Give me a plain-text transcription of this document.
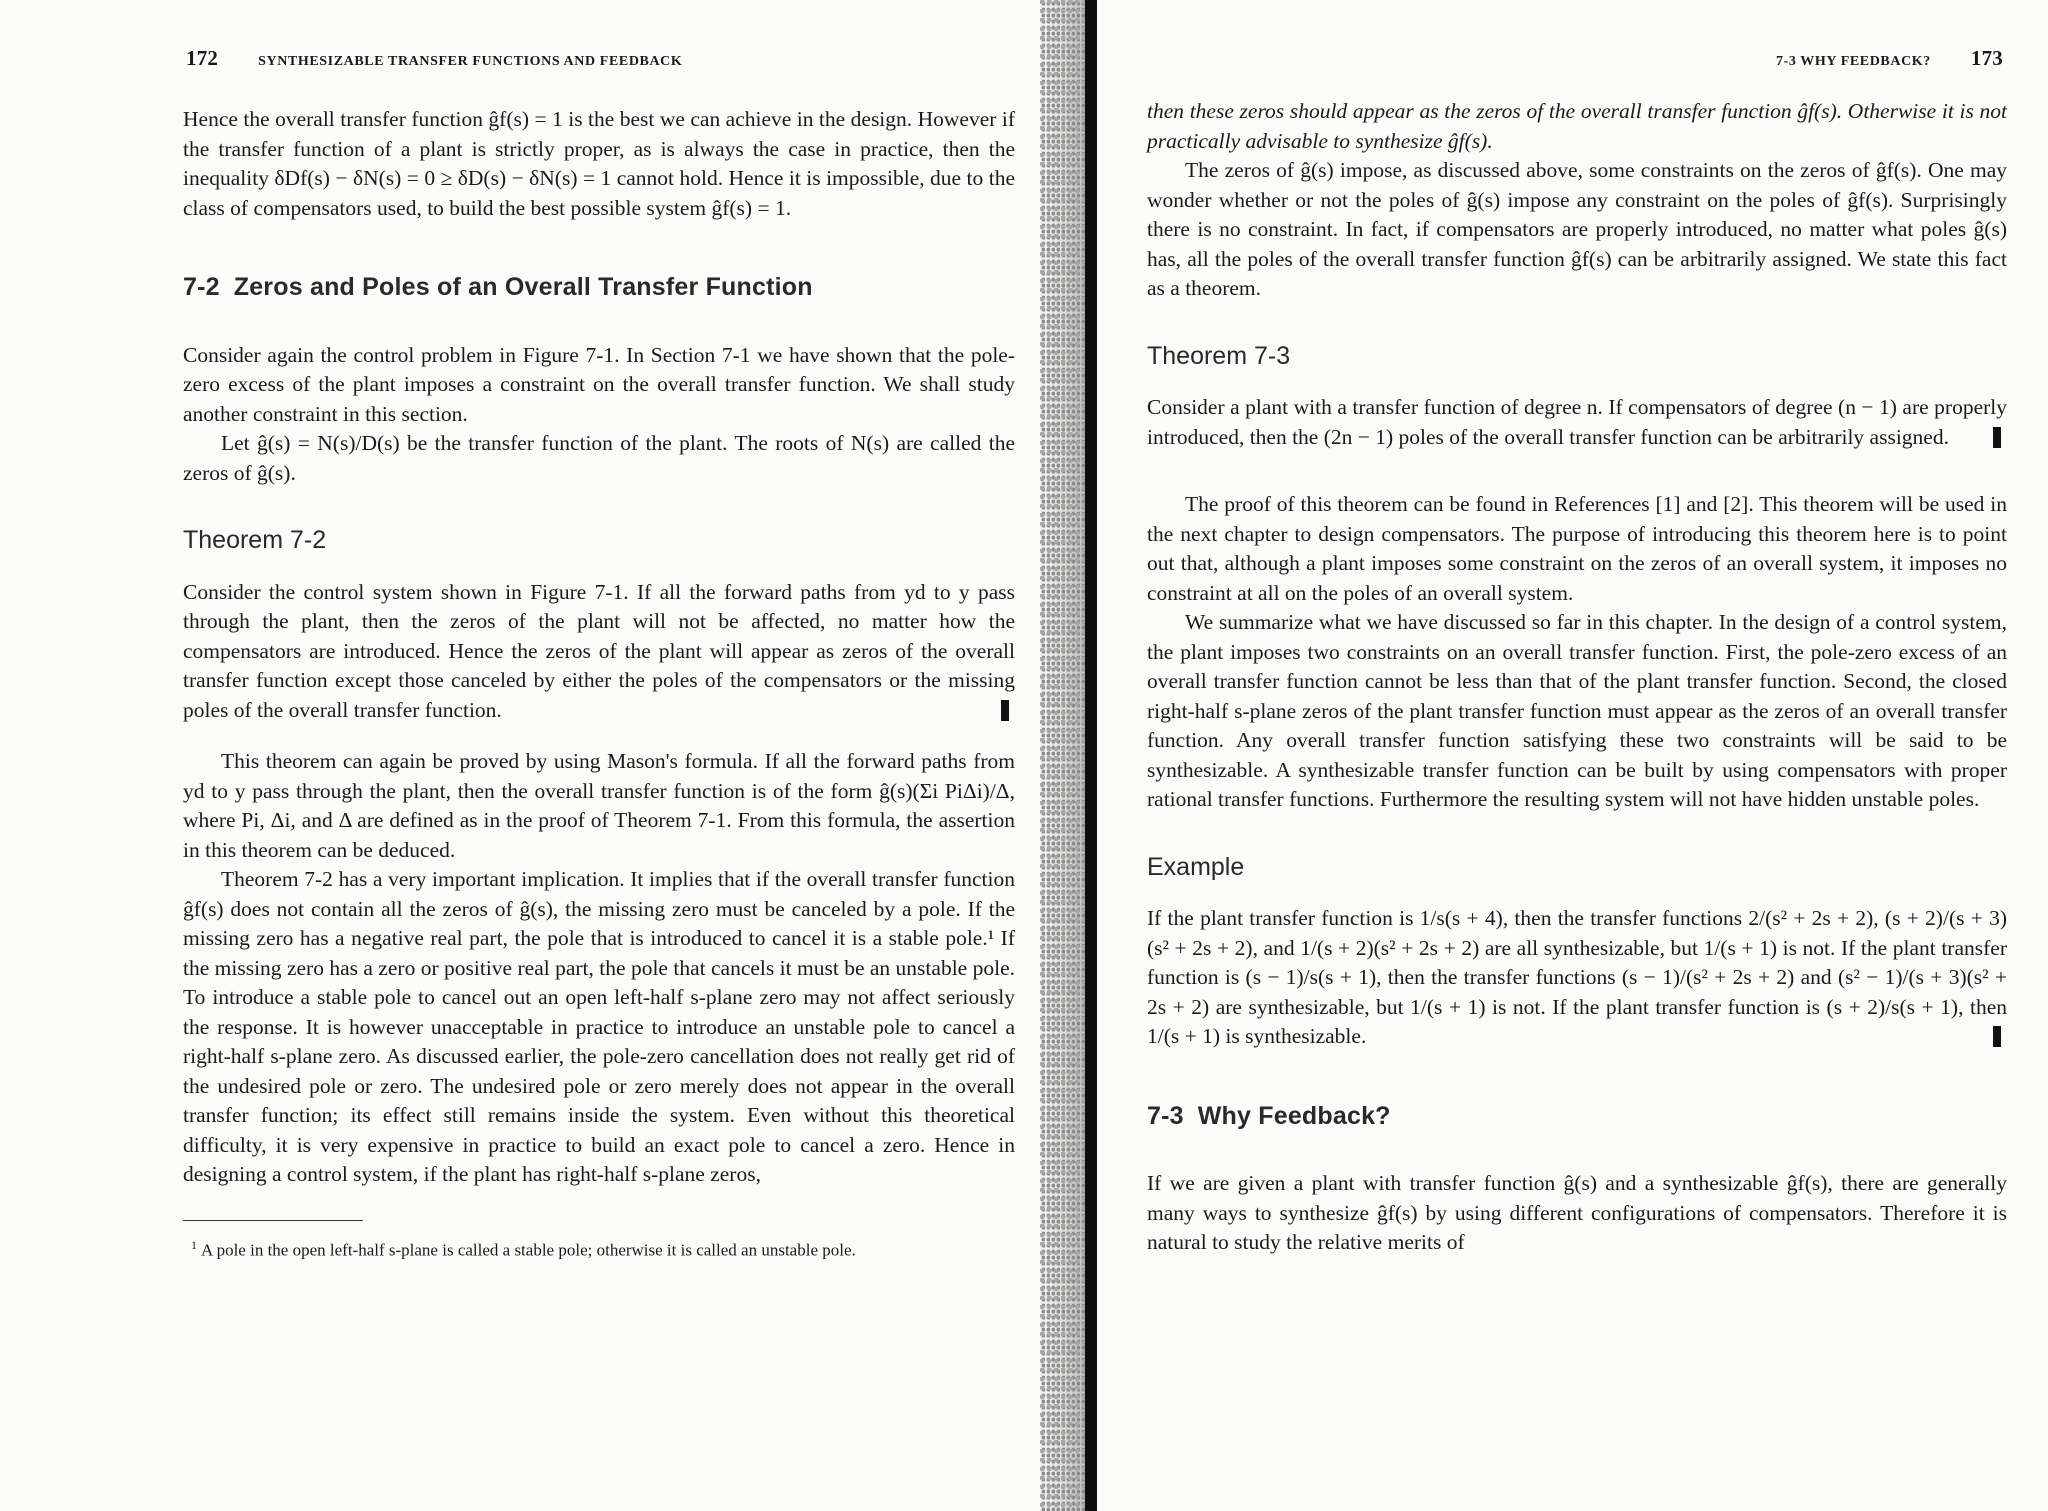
172	SYNTHESIZABLE TRANSFER FUNCTIONS AND FEEDBACK

Hence the overall transfer function ĝf(s) = 1 is the best we can achieve in the design. However if the transfer function of a plant is strictly proper, as is always the case in practice, then the inequality δDf(s) − δN(s) = 0 ≥ δD(s) − δN(s) = 1 cannot hold. Hence it is impossible, due to the class of compensators used, to build the best possible system ĝf(s) = 1.

7-2 Zeros and Poles of an Overall Transfer Function

Consider again the control problem in Figure 7-1. In Section 7-1 we have shown that the pole-zero excess of the plant imposes a constraint on the overall transfer function. We shall study another constraint in this section.

Let ĝ(s) = N(s)/D(s) be the transfer function of the plant. The roots of N(s) are called the zeros of ĝ(s).

Theorem 7-2

Consider the control system shown in Figure 7-1. If all the forward paths from yd to y pass through the plant, then the zeros of the plant will not be affected, no matter how the compensators are introduced. Hence the zeros of the plant will appear as zeros of the overall transfer function except those canceled by either the poles of the compensators or the missing poles of the overall transfer function.

This theorem can again be proved by using Mason's formula. If all the forward paths from yd to y pass through the plant, then the overall transfer function is of the form ĝ(s)(Σi PiΔi)/Δ, where Pi, Δi, and Δ are defined as in the proof of Theorem 7-1. From this formula, the assertion in this theorem can be deduced.

Theorem 7-2 has a very important implication. It implies that if the overall transfer function ĝf(s) does not contain all the zeros of ĝ(s), the missing zero must be canceled by a pole. If the missing zero has a negative real part, the pole that is introduced to cancel it is a stable pole.¹ If the missing zero has a zero or positive real part, the pole that cancels it must be an unstable pole. To introduce a stable pole to cancel out an open left-half s-plane zero may not affect seriously the response. It is however unacceptable in practice to introduce an unstable pole to cancel a right-half s-plane zero. As discussed earlier, the pole-zero cancellation does not really get rid of the undesired pole or zero. The undesired pole or zero merely does not appear in the overall transfer function; its effect still remains inside the system. Even without this theoretical difficulty, it is very expensive in practice to build an exact pole to cancel a zero. Hence in designing a control system, if the plant has right-half s-plane zeros,

$^1$ A pole in the open left-half s-plane is called a stable pole; otherwise it is called an unstable pole.

7-3 WHY FEEDBACK? 173

then these zeros should appear as the zeros of the overall transfer function ĝf(s). Otherwise it is not practically advisable to synthesize ĝf(s).

The zeros of ĝ(s) impose, as discussed above, some constraints on the zeros of ĝf(s). One may wonder whether or not the poles of ĝ(s) impose any constraint on the poles of ĝf(s). Surprisingly there is no constraint. In fact, if compensators are properly introduced, no matter what poles ĝ(s) has, all the poles of the overall transfer function ĝf(s) can be arbitrarily assigned. We state this fact as a theorem.

Theorem 7-3

Consider a plant with a transfer function of degree n. If compensators of degree (n − 1) are properly introduced, then the (2n − 1) poles of the overall transfer function can be arbitrarily assigned.

The proof of this theorem can be found in References [1] and [2]. This theorem will be used in the next chapter to design compensators. The purpose of introducing this theorem here is to point out that, although a plant imposes some constraint on the zeros of an overall system, it imposes no constraint at all on the poles of an overall system.

We summarize what we have discussed so far in this chapter. In the design of a control system, the plant imposes two constraints on an overall transfer function. First, the pole-zero excess of an overall transfer function cannot be less than that of the plant transfer function. Second, the closed right-half s-plane zeros of the plant transfer function must appear as the zeros of an overall transfer function. Any overall transfer function satisfying these two constraints will be said to be synthesizable. A synthesizable transfer function can be built by using compensators with proper rational transfer functions. Furthermore the resulting system will not have hidden unstable poles.

Example

If the plant transfer function is 1/s(s + 4), then the transfer functions 2/(s² + 2s + 2), (s + 2)/(s + 3)(s² + 2s + 2), and 1/(s + 2)(s² + 2s + 2) are all synthesizable, but 1/(s + 1) is not. If the plant transfer function is (s − 1)/s(s + 1), then the transfer functions (s − 1)/(s² + 2s + 2) and (s² − 1)/(s + 3)(s² + 2s + 2) are synthesizable, but 1/(s + 1) is not. If the plant transfer function is (s + 2)/s(s + 1), then 1/(s + 1) is synthesizable.

7-3 Why Feedback?

If we are given a plant with transfer function ĝ(s) and a synthesizable ĝf(s), there are generally many ways to synthesize ĝf(s) by using different configurations of compensators. Therefore it is natural to study the relative merits of
